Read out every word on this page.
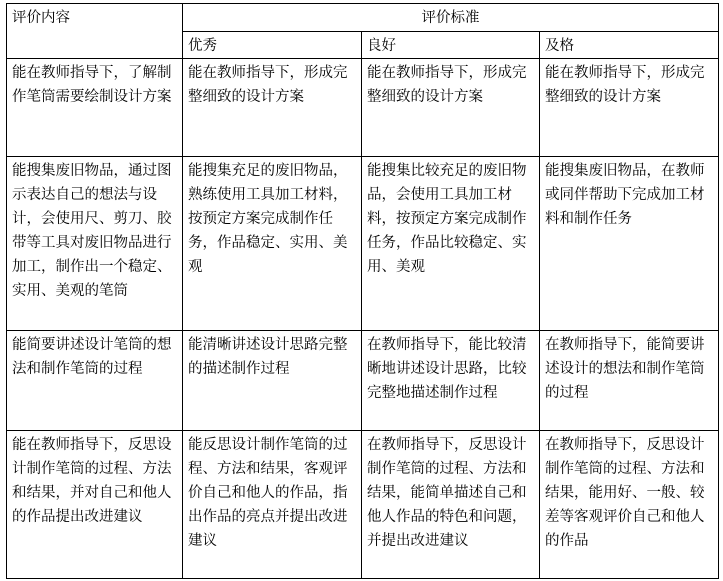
评价内容	评价标准		
	优秀	良好	及格
能在教师指导下，了解制作笔筒需要绘制设计方案	能在教师指导下，形成完整细致的设计方案	能在教师指导下，形成完整细致的设计方案	能在教师指导下，形成完整细致的设计方案
能搜集废旧物品，通过图示表达自己的想法与设计，会使用尺、剪刀、胶带等工具对废旧物品进行加工，制作出一个稳定、实用、美观的笔筒	能搜集充足的废旧物品，熟练使用工具加工材料，按预定方案完成制作任务，作品稳定、实用、美观	能搜集比较充足的废旧物品，会使用工具加工材料，按预定方案完成制作任务，作品比较稳定、实用、美观	能搜集废旧物品，在教师或同伴帮助下完成加工材料和制作任务
能简要讲述设计笔筒的想法和制作笔筒的过程	能清晰讲述设计思路完整的描述制作过程	在教师指导下，能比较清晰地讲述设计思路，比较完整地描述制作过程	在教师指导下，能简要讲述设计的想法和制作笔筒的过程
能在教师指导下，反思设计制作笔筒的过程、方法和结果，并对自己和他人的作品提出改进建议	能反思设计制作笔筒的过程、方法和结果，客观评价自己和他人的作品，指出作品的亮点并提出改进建议	在教师指导下，反思设计制作笔筒的过程、方法和结果，能简单描述自己和他人作品的特色和问题，并提出改进建议	在教师指导下，反思设计制作笔筒的过程、方法和结果，能用好、一般、较差等客观评价自己和他人的作品
